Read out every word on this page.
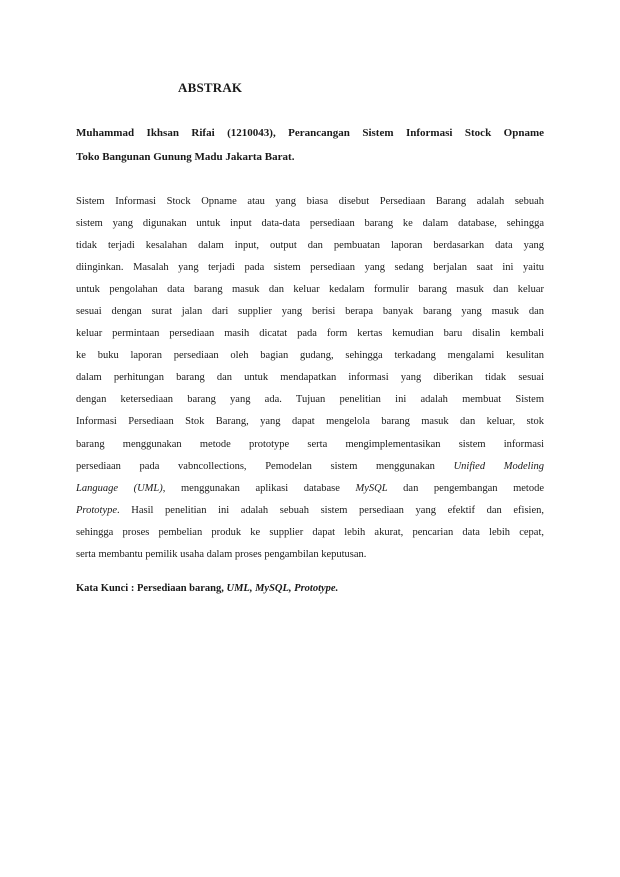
ABSTRAK
Muhammad Ikhsan Rifai (1210043), Perancangan Sistem Informasi Stock Opname
Toko Bangunan Gunung Madu Jakarta Barat.
Sistem Informasi Stock Opname atau yang biasa disebut Persediaan Barang adalah sebuah
sistem yang digunakan untuk input data-data persediaan barang ke dalam database, sehingga
tidak terjadi kesalahan dalam input, output dan pembuatan laporan berdasarkan data yang
diinginkan. Masalah yang terjadi pada sistem persediaan yang sedang berjalan saat ini yaitu
untuk pengolahan data barang masuk dan keluar kedalam formulir barang masuk dan keluar
sesuai dengan surat jalan dari supplier yang berisi berapa banyak barang yang masuk dan
keluar permintaan persediaan masih dicatat pada form kertas kemudian baru disalin kembali
ke buku laporan persediaan oleh bagian gudang, sehingga terkadang mengalami kesulitan
dalam perhitungan barang dan untuk mendapatkan informasi yang diberikan tidak sesuai
dengan ketersediaan barang yang ada. Tujuan penelitian ini adalah membuat Sistem
Informasi Persediaan Stok Barang, yang dapat mengelola barang masuk dan keluar, stok
barang menggunakan metode prototype serta mengimplementasikan sistem informasi
persediaan pada vabncollections, Pemodelan sistem menggunakan Unified Modeling
Language (UML), menggunakan aplikasi database MySQL dan pengembangan metode
Prototype. Hasil penelitian ini adalah sebuah sistem persediaan yang efektif dan efisien,
sehingga proses pembelian produk ke supplier dapat lebih akurat, pencarian data lebih cepat,
serta membantu pemilik usaha dalam proses pengambilan keputusan.
Kata Kunci : Persediaan barang, UML, MySQL, Prototype.
